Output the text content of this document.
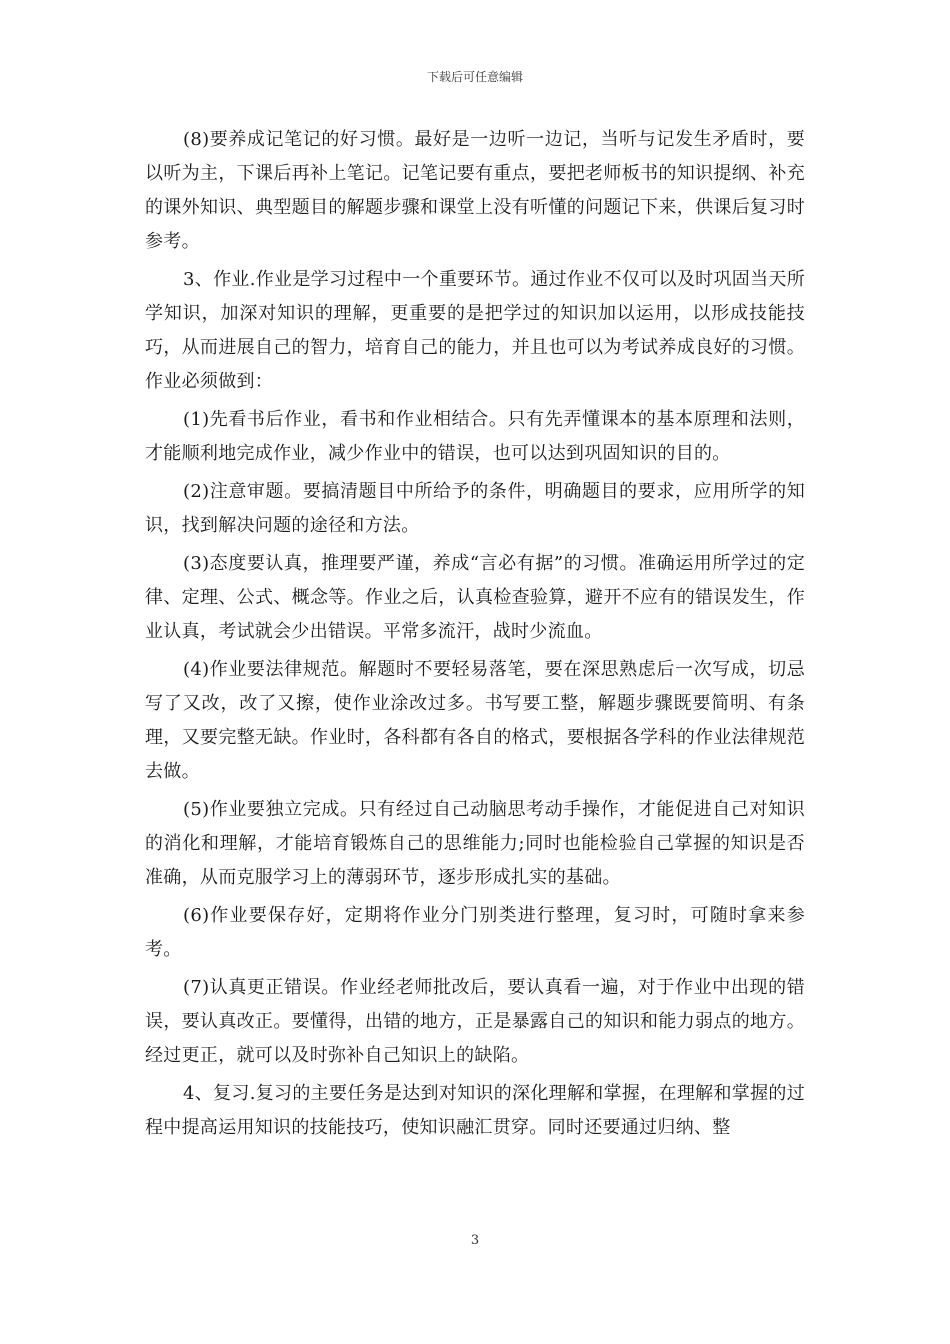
下载后可任意编辑

(8)要养成记笔记的好习惯。最好是一边听一边记，当听与记发生矛盾时，要以听为主，下课后再补上笔记。记笔记要有重点，要把老师板书的知识提纲、补充的课外知识、典型题目的解题步骤和课堂上没有听懂的问题记下来，供课后复习时参考。

3、作业.作业是学习过程中一个重要环节。通过作业不仅可以及时巩固当天所学知识，加深对知识的理解，更重要的是把学过的知识加以运用，以形成技能技巧，从而进展自己的智力，培育自己的能力，并且也可以为考试养成良好的习惯。作业必须做到：

(1)先看书后作业，看书和作业相结合。只有先弄懂课本的基本原理和法则，才能顺利地完成作业，减少作业中的错误，也可以达到巩固知识的目的。

(2)注意审题。要搞清题目中所给予的条件，明确题目的要求，应用所学的知识，找到解决问题的途径和方法。

(3)态度要认真，推理要严谨，养成“言必有据”的习惯。准确运用所学过的定律、定理、公式、概念等。作业之后，认真检查验算，避开不应有的错误发生，作业认真，考试就会少出错误。平常多流汗，战时少流血。

(4)作业要法律规范。解题时不要轻易落笔，要在深思熟虑后一次写成，切忌写了又改，改了又擦，使作业涂改过多。书写要工整，解题步骤既要简明、有条理，又要完整无缺。作业时，各科都有各自的格式，要根据各学科的作业法律规范去做。

(5)作业要独立完成。只有经过自己动脑思考动手操作，才能促进自己对知识的消化和理解，才能培育锻炼自己的思维能力;同时也能检验自己掌握的知识是否准确，从而克服学习上的薄弱环节，逐步形成扎实的基础。

(6)作业要保存好，定期将作业分门别类进行整理，复习时，可随时拿来参考。

(7)认真更正错误。作业经老师批改后，要认真看一遍，对于作业中出现的错误，要认真改正。要懂得，出错的地方，正是暴露自己的知识和能力弱点的地方。经过更正，就可以及时弥补自己知识上的缺陷。

4、复习.复习的主要任务是达到对知识的深化理解和掌握，在理解和掌握的过程中提高运用知识的技能技巧，使知识融汇贯穿。同时还要通过归纳、整

3
